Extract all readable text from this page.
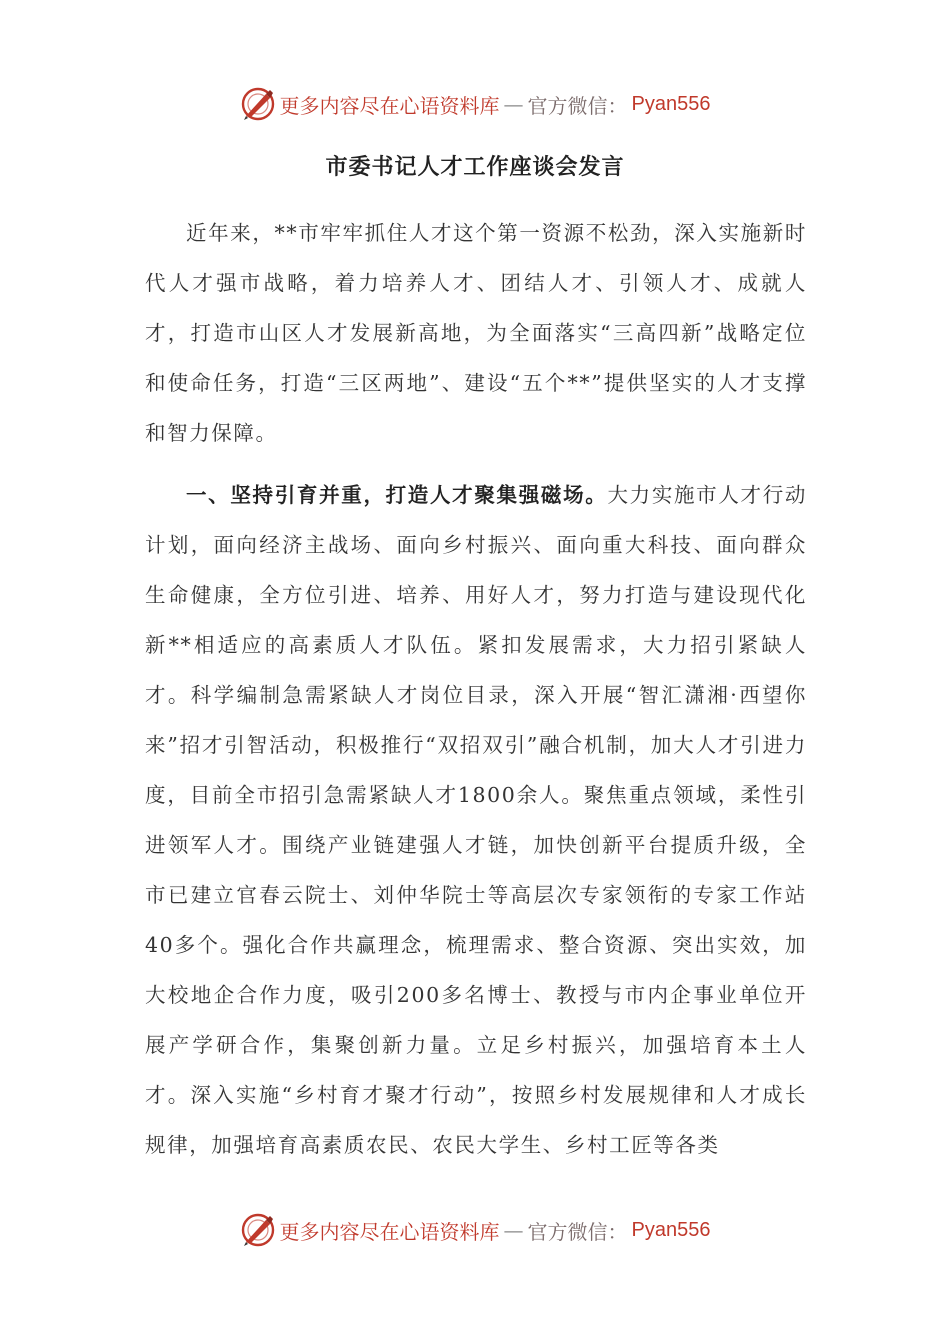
更多内容尽在心语资料库 — 官方微信： Pyan556
市委书记人才工作座谈会发言

近年来，**市牢牢抓住人才这个第一资源不松劲，深入实施新时代人才强市战略，着力培养人才、团结人才、引领人才、成就人才，打造市山区人才发展新高地，为全面落实“三高四新”战略定位和使命任务，打造“三区两地”、建设“五个**”提供坚实的人才支撑和智力保障。

一、坚持引育并重，打造人才聚集强磁场。大力实施市人才行动计划，面向经济主战场、面向乡村振兴、面向重大科技、面向群众生命健康，全方位引进、培养、用好人才，努力打造与建设现代化新**相适应的高素质人才队伍。紧扣发展需求，大力招引紧缺人才。科学编制急需紧缺人才岗位目录，深入开展“智汇潇湘·西望你来”招才引智活动，积极推行“双招双引”融合机制，加大人才引进力度，目前全市招引急需紧缺人才1800余人。聚焦重点领域，柔性引进领军人才。围绕产业链建强人才链，加快创新平台提质升级，全市已建立官春云院士、刘仲华院士等高层次专家领衔的专家工作站40多个。强化合作共赢理念，梳理需求、整合资源、突出实效，加大校地企合作力度，吸引200多名博士、教授与市内企事业单位开展产学研合作，集聚创新力量。立足乡村振兴，加强培育本土人才。深入实施“乡村育才聚才行动”，按照乡村发展规律和人才成长规律，加强培育高素质农民、农民大学生、乡村工匠等各类

更多内容尽在心语资料库 — 官方微信： Pyan556
